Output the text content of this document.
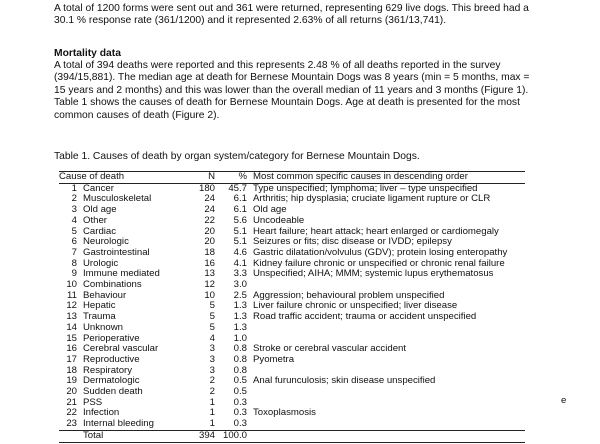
A total of 1200 forms were sent out and 361 were returned, representing 629 live dogs. This breed had a 30.1 % response rate (361/1200) and it represented 2.63% of all returns (361/13,741).

Mortality data

A total of 394 deaths were reported and this represents 2.48 % of all deaths reported in the survey (394/15,881). The median age at death for Bernese Mountain Dogs was 8 years (min = 5 months, max = 15 years and 2 months) and this was lower than the overall median of 11 years and 3 months (Figure 1). Table 1 shows the causes of death for Bernese Mountain Dogs. Age at death is presented for the most common causes of death (Figure 2).

Table 1. Causes of death by organ system/category for Bernese Mountain Dogs.

Cause of death		N	%	Most common specific causes in descending order
1	Cancer	180	45.7	Type unspecified; lymphoma; liver – type unspecified
2	Musculoskeletal	24	6.1	Arthritis; hip dysplasia; cruciate ligament rupture or CLR
3	Old age	24	6.1	Old age
4	Other	22	5.6	Uncodeable
5	Cardiac	20	5.1	Heart failure; heart attack; heart enlarged or cardiomegaly
6	Neurologic	20	5.1	Seizures or fits; disc disease or IVDD; epilepsy
7	Gastrointestinal	18	4.6	Gastric dilatation/volvulus (GDV); protein losing enteropathy
8	Urologic	16	4.1	Kidney failure chronic or unspecified or chronic renal failure
9	Immune mediated	13	3.3	Unspecified; AIHA; MMM; systemic lupus erythematosus
10	Combinations	12	3.0	
11	Behaviour	10	2.5	Aggression; behavioural problem unspecified
12	Hepatic	5	1.3	Liver failure chronic or unspecified; liver disease
13	Trauma	5	1.3	Road traffic accident; trauma or accident unspecified
14	Unknown	5	1.3	
15	Perioperative	4	1.0	
16	Cerebral vascular	3	0.8	Stroke or cerebral vascular accident
17	Reproductive	3	0.8	Pyometra
18	Respiratory	3	0.8	
19	Dermatologic	2	0.5	Anal furunculosis; skin disease unspecified
20	Sudden death	2	0.5	
21	PSS	1	0.3	
22	Infection	1	0.3	Toxoplasmosis
23	Internal bleeding	1	0.3	
	Total	394	100.0	
e
